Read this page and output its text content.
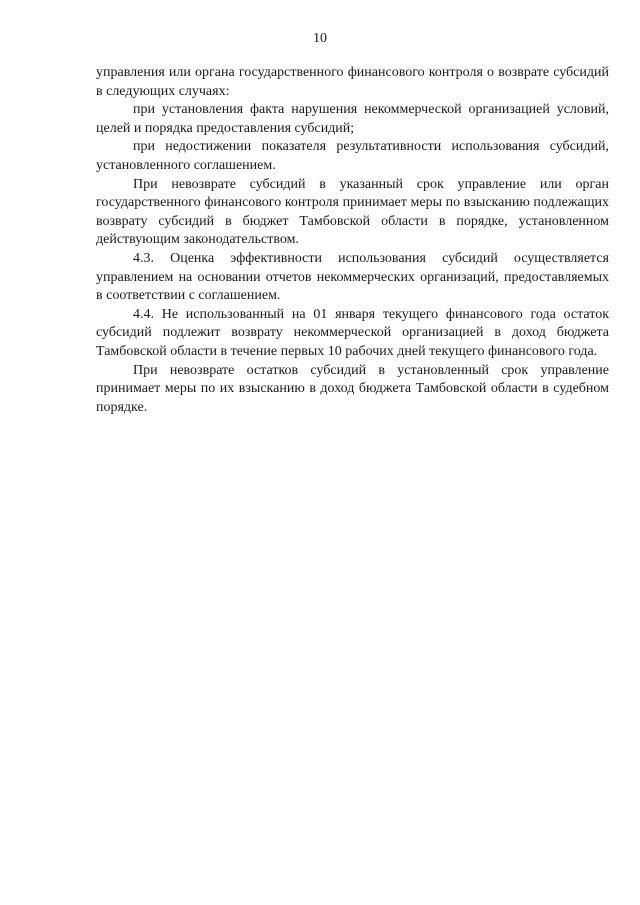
10

управления или органа государственного финансового контроля о возврате субсидий в следующих случаях:

при установления факта нарушения некоммерческой организацией условий, целей и порядка предоставления субсидий;

при недостижении показателя результативности использования субсидий, установленного соглашением.

При невозврате субсидий в указанный срок управление или орган государственного финансового контроля принимает меры по взысканию подлежащих возврату субсидий в бюджет Тамбовской области в порядке, установленном действующим законодательством.

4.3. Оценка эффективности использования субсидий осуществляется управлением на основании отчетов некоммерческих организаций, предоставляемых в соответствии с соглашением.

4.4. Не использованный на 01 января текущего финансового года остаток субсидий подлежит возврату некоммерческой организацией в доход бюджета Тамбовской области в течение первых 10 рабочих дней текущего финансового года.

При невозврате остатков субсидий в установленный срок управление принимает меры по их взысканию в доход бюджета Тамбовской области в судебном порядке.
